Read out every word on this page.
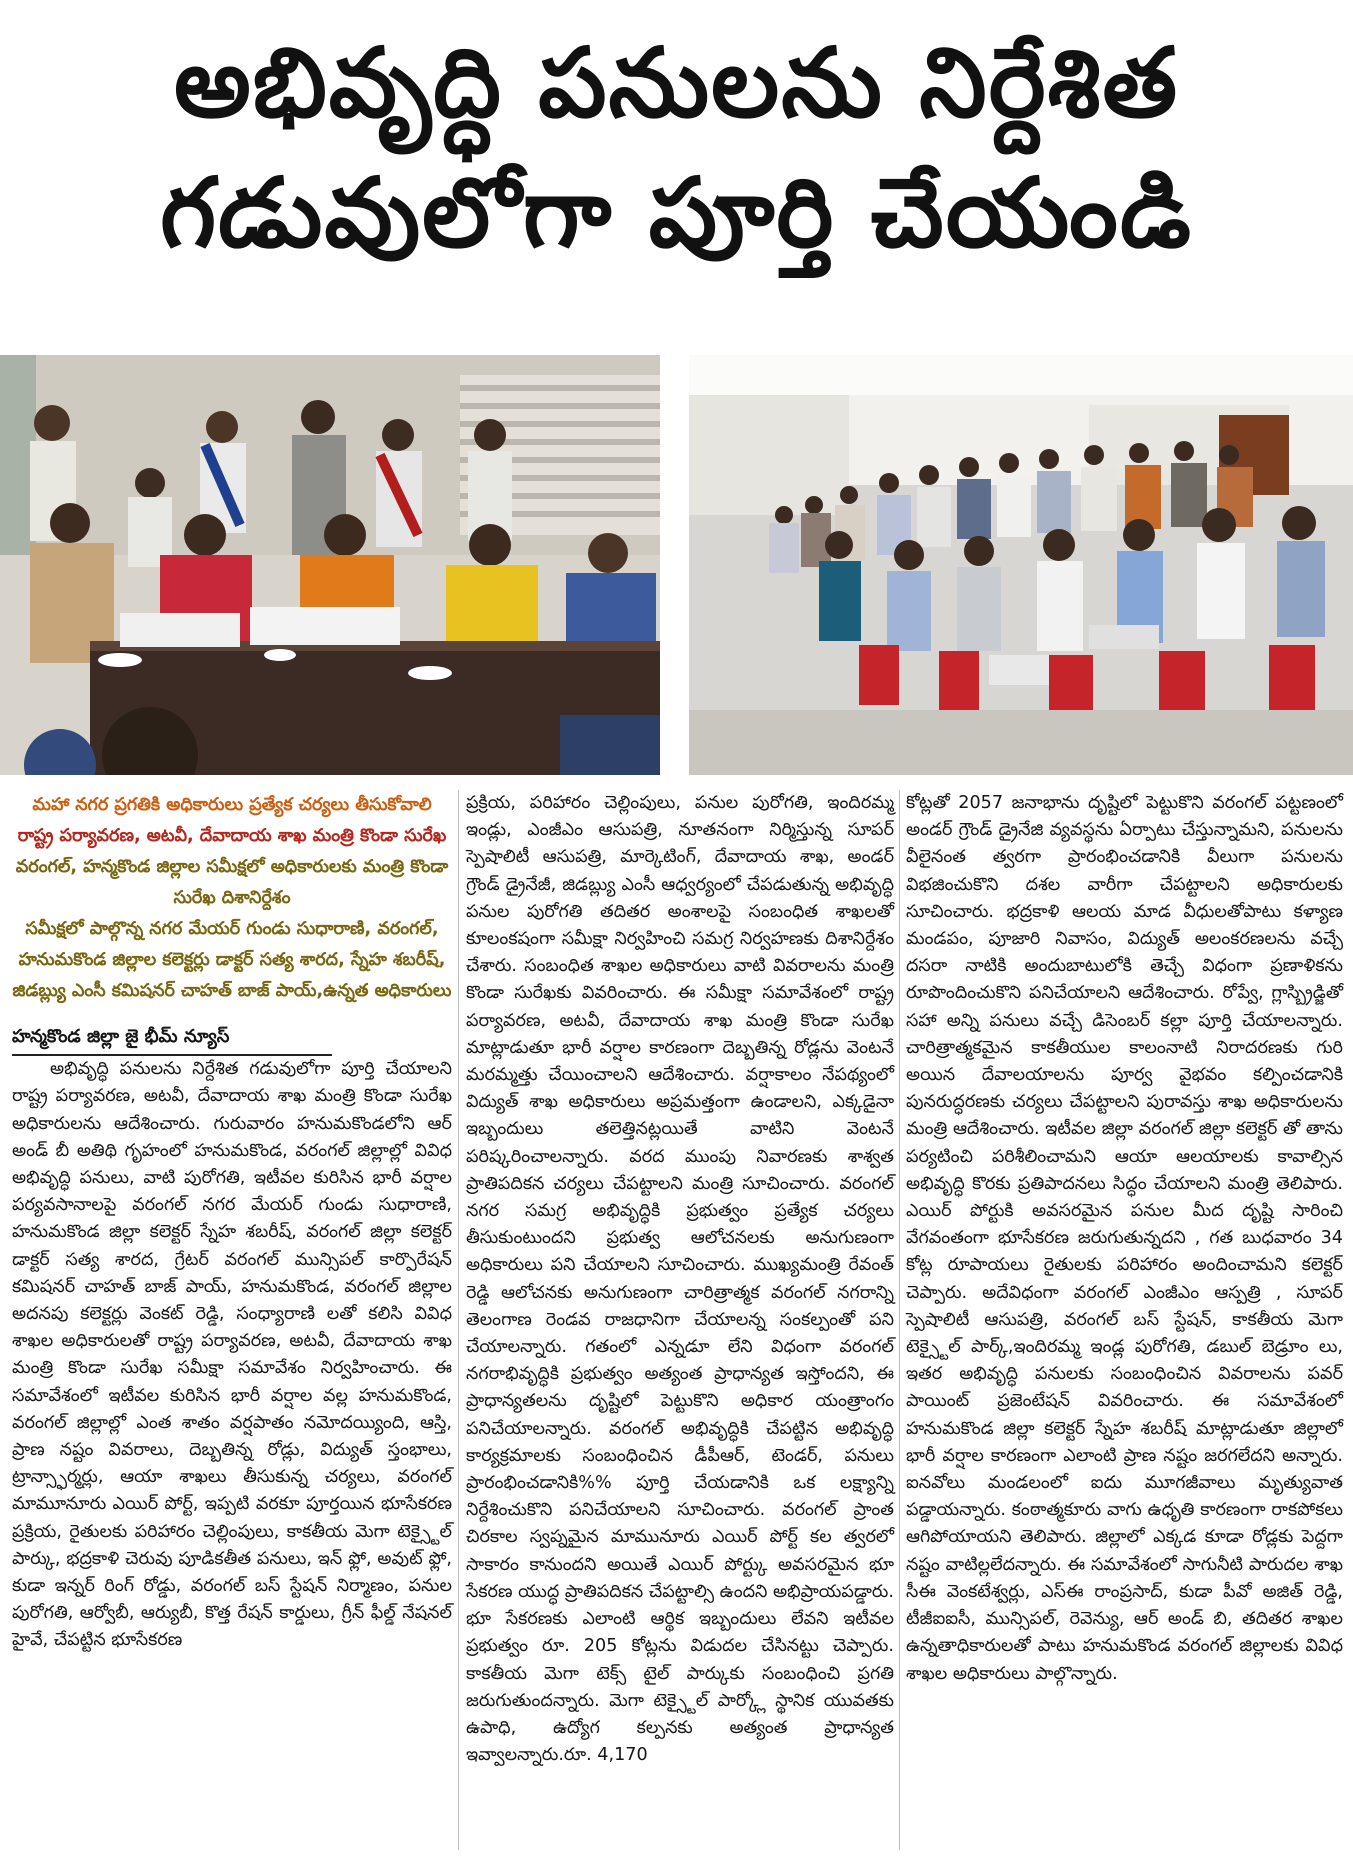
అభివృద్ధి పనులను నిర్దేశిత
గడువులోగా పూర్తి చేయండి

మహా నగర ప్రగతికి అధికారులు ప్రత్యేక చర్యలు తీసుకోవాలి

రాష్ట్ర పర్యావరణ, అటవీ, దేవాదాయ శాఖ మంత్రి కొండా సురేఖ

వరంగల్, హన్మకొండ జిల్లాల సమీక్షలో అధికారులకు మంత్రి కొండా సురేఖ దిశానిర్దేశం

సమీక్షలో పాల్గొన్న నగర మేయర్ గుండు సుధారాణి, వరంగల్, హనుమకొండ జిల్లాల కలెక్టర్లు డాక్టర్ సత్య శారద, స్నేహ శబరీష్, జిడబ్ల్యు ఎంసీ కమిషనర్ చాహత్ బాజ్ పాయ్,ఉన్నత అధికారులు

హన్మకొండ జిల్లా జై భీమ్ న్యూస్

అభివృద్ధి పనులను నిర్దేశిత గడువులోగా పూర్తి చేయాలని రాష్ట్ర పర్యావరణ, అటవీ, దేవాదాయ శాఖ మంత్రి కొండా సురేఖ అధికారులను ఆదేశించారు. గురువారం హనుమకొండలోని ఆర్ అండ్ బీ అతిథి గృహంలో హనుమకొండ, వరంగల్ జిల్లాల్లో వివిధ అభివృద్ధి పనులు, వాటి పురోగతి, ఇటీవల కురిసిన భారీ వర్షాల పర్యవసానాలపై వరంగల్ నగర మేయర్ గుండు సుధారాణి, హనుమకొండ జిల్లా కలెక్టర్ స్నేహ శబరీష్, వరంగల్ జిల్లా కలెక్టర్ డాక్టర్ సత్య శారద, గ్రేటర్ వరంగల్ మున్సిపల్ కార్పొరేషన్ కమిషనర్ చాహత్ బాజ్ పాయ్, హనుమకొండ, వరంగల్ జిల్లాల అదనపు కలెక్టర్లు వెంకట్ రెడ్డి, సంధ్యారాణి లతో కలిసి వివిధ శాఖల అధికారులతో రాష్ట్ర పర్యావరణ, అటవీ, దేవాదాయ శాఖ మంత్రి కొండా సురేఖ సమీక్షా సమావేశం నిర్వహించారు. ఈ సమావేశంలో ఇటీవల కురిసిన భారీ వర్షాల వల్ల హనుమకొండ, వరంగల్ జిల్లాల్లో ఎంత శాతం వర్షపాతం నమోదయ్యింది, ఆస్తి, ప్రాణ నష్టం వివరాలు, దెబ్బతిన్న రోడ్లు, విద్యుత్ స్తంభాలు, ట్రాన్స్ఫార్మర్లు, ఆయా శాఖలు తీసుకున్న చర్యలు, వరంగల్ మామూనూరు ఎయిర్ పోర్ట్, ఇప్పటి వరకూ పూర్తయిన భూసేకరణ ప్రక్రియ, రైతులకు పరిహారం చెల్లింపులు, కాకతీయ మెగా టెక్స్టైల్ పార్కు, భద్రకాళి చెరువు పూడికతీత పనులు, ఇన్ ఫ్లో, అవుట్ ఫ్లో, కుడా ఇన్నర్ రింగ్ రోడ్డు, వరంగల్ బస్ స్టేషన్ నిర్మాణం, పనుల పురోగతి, ఆర్వోబీ, ఆర్యుబీ, కొత్త రేషన్ కార్డులు, గ్రీన్ ఫీల్డ్ నేషనల్ హైవే, చేపట్టిన భూసేకరణ

ప్రక్రియ, పరిహారం చెల్లింపులు, పనుల పురోగతి, ఇందిరమ్మ ఇండ్లు, ఎంజీఎం ఆసుపత్రి, నూతనంగా నిర్మిస్తున్న సూపర్ స్పెషాలిటీ ఆసుపత్రి, మార్కెటింగ్, దేవాదాయ శాఖ, అండర్ గ్రౌండ్ డ్రైనేజీ, జిడబ్ల్యు ఎంసీ ఆధ్వర్యంలో చేపడుతున్న అభివృద్ధి పనుల పురోగతి తదితర అంశాలపై సంబంధిత శాఖలతో కూలంకషంగా సమీక్షా నిర్వహించి సమగ్ర నిర్వహణకు దిశానిర్దేశం చేశారు. సంబంధిత శాఖల అధికారులు వాటి వివరాలను మంత్రి కొండా సురేఖకు వివరించారు. ఈ సమీక్షా సమావేశంలో రాష్ట్ర పర్యావరణ, అటవీ, దేవాదాయ శాఖ మంత్రి కొండా సురేఖ మాట్లాడుతూ భారీ వర్షాల కారణంగా దెబ్బతిన్న రోడ్లను వెంటనే మరమ్మత్తు చేయించాలని ఆదేశించారు. వర్షాకాలం నేపథ్యంలో విద్యుత్ శాఖ అధికారులు అప్రమత్తంగా ఉండాలని, ఎక్కడైనా ఇబ్బందులు తలెత్తినట్లయితే వాటిని వెంటనే పరిష్కరించాలన్నారు. వరద ముంపు నివారణకు శాశ్వత ప్రాతిపదికన చర్యలు చేపట్టాలని మంత్రి సూచించారు. వరంగల్ నగర సమగ్ర అభివృద్ధికి ప్రభుత్వం ప్రత్యేక చర్యలు తీసుకుంటుందని ప్రభుత్వ ఆలోచనలకు అనుగుణంగా అధికారులు పని చేయాలని సూచించారు. ముఖ్యమంత్రి రేవంత్ రెడ్డి ఆలోచనకు అనుగుణంగా చారిత్రాత్మక వరంగల్ నగరాన్ని తెలంగాణ రెండవ రాజధానిగా చేయాలన్న సంకల్పంతో పని చేయాలన్నారు. గతంలో ఎన్నడూ లేని విధంగా వరంగల్ నగరాభివృద్ధికి ప్రభుత్వం అత్యంత ప్రాధాన్యత ఇస్తోందని, ఈ ప్రాధాన్యతలను దృష్టిలో పెట్టుకొని అధికార యంత్రాంగం పనిచేయాలన్నారు. వరంగల్ అభివృద్ధికి చేపట్టిన అభివృద్ధి కార్యక్రమాలకు సంబంధించిన డీపీఆర్, టెండర్, పనులు ప్రారంభించడానికి%% పూర్తి చేయడానికి ఒక లక్ష్యాన్ని నిర్దేశించుకొని పనిచేయాలని సూచించారు. వరంగల్ ప్రాంత చిరకాల స్వప్నమైన మామునూరు ఎయిర్ పోర్ట్ కల త్వరలో సాకారం కానుందని అయితే ఎయిర్ పోర్ట్కు అవసరమైన భూ సేకరణ యుద్ధ ప్రాతిపదికన చేపట్టాల్సి ఉందని అభిప్రాయపడ్డారు. భూ సేకరణకు ఎలాంటి ఆర్థిక ఇబ్బందులు లేవని ఇటీవల ప్రభుత్వం రూ. 205 కోట్లను విడుదల చేసినట్టు చెప్పారు. కాకతీయ మెగా టెక్స్ టైల్ పార్కుకు సంబంధించి ప్రగతి జరుగుతుందన్నారు. మెగా టెక్స్టైల్ పార్క్లో స్థానిక యువతకు ఉపాధి, ఉద్యోగ కల్పనకు అత్యంత ప్రాధాన్యత ఇవ్వాలన్నారు.రూ. 4,170

కోట్లతో 2057 జనాభాను దృష్టిలో పెట్టుకొని వరంగల్ పట్టణంలో అండర్ గ్రౌండ్ డ్రైనేజి వ్యవస్థను ఏర్పాటు చేస్తున్నామని, పనులను వీలైనంత త్వరగా ప్రారంభించడానికి వీలుగా పనులను విభజించుకొని దశల వారీగా చేపట్టాలని అధికారులకు సూచించారు. భద్రకాళి ఆలయ మాడ వీధులతోపాటు కళ్యాణ మండపం, పూజారి నివాసం, విద్యుత్ అలంకరణలను వచ్చే దసరా నాటికి అందుబాటులోకి తెచ్చే విధంగా ప్రణాళికను రూపొందించుకొని పనిచేయాలని ఆదేశించారు. రోప్వే, గ్లాస్బ్రిడ్జితో సహా అన్ని పనులు వచ్చే డిసెంబర్ కల్లా పూర్తి చేయాలన్నారు. చారిత్రాత్మకమైన కాకతీయుల కాలంనాటి నిరాదరణకు గురి అయిన దేవాలయాలను పూర్వ వైభవం కల్పించడానికి పునరుద్ధరణకు చర్యలు చేపట్టాలని పురావస్తు శాఖ అధికారులను మంత్రి ఆదేశించారు. ఇటీవల జిల్లా వరంగల్ జిల్లా కలెక్టర్ తో తాను పర్యటించి పరిశీలించామని ఆయా ఆలయాలకు కావాల్సిన అభివృద్ధి కొరకు ప్రతిపాదనలు సిద్ధం చేయాలని మంత్రి తెలిపారు. ఎయిర్ పోర్టుకి అవసరమైన పనుల మీద దృష్టి సారించి వేగవంతంగా భూసేకరణ జరుగుతున్నదని , గత బుధవారం 34 కోట్ల రూపాయలు రైతులకు పరిహారం అందించామని కలెక్టర్ చెప్పారు. అదేవిధంగా వరంగల్ ఎంజీఎం ఆస్పత్రి , సూపర్ స్పెషాలిటీ ఆసుపత్రి, వరంగల్ బస్ స్టేషన్, కాకతీయ మెగా టెక్స్టైల్ పార్క్,ఇందిరమ్మ ఇండ్ల పురోగతి, డబుల్ బెడ్రూం లు, ఇతర అభివృద్ధి పనులకు సంబంధించిన వివరాలను పవర్ పాయింట్ ప్రజెంటేషన్ వివరించారు. ఈ సమావేశంలో హనుమకొండ జిల్లా కలెక్టర్ స్నేహ శబరీష్ మాట్లాడుతూ జిల్లాలో భారీ వర్షాల కారణంగా ఎలాంటి ప్రాణ నష్టం జరగలేదని అన్నారు. ఐనవోలు మండలంలో ఐదు మూగజీవాలు మృత్యువాత పడ్డాయన్నారు. కంఠాత్మకూరు వాగు ఉధృతి కారణంగా రాకపోకలు ఆగిపోయాయని తెలిపారు. జిల్లాలో ఎక్కడ కూడా రోడ్లకు పెద్దగా నష్టం వాటిల్లలేదన్నారు. ఈ సమావేశంలో సాగునీటి పారుదల శాఖ సీఈ వెంకటేశ్వర్లు, ఎస్ఈ రాంప్రసాద్, కుడా పీవో అజిత్ రెడ్డి, టీజీఐఐసీ, మున్సిపల్, రెవెన్యు, ఆర్ అండ్ బి, తదితర శాఖల ఉన్నతాధికారులతో పాటు హనుమకొండ వరంగల్ జిల్లాలకు వివిధ శాఖల అధికారులు పాల్గొన్నారు.
